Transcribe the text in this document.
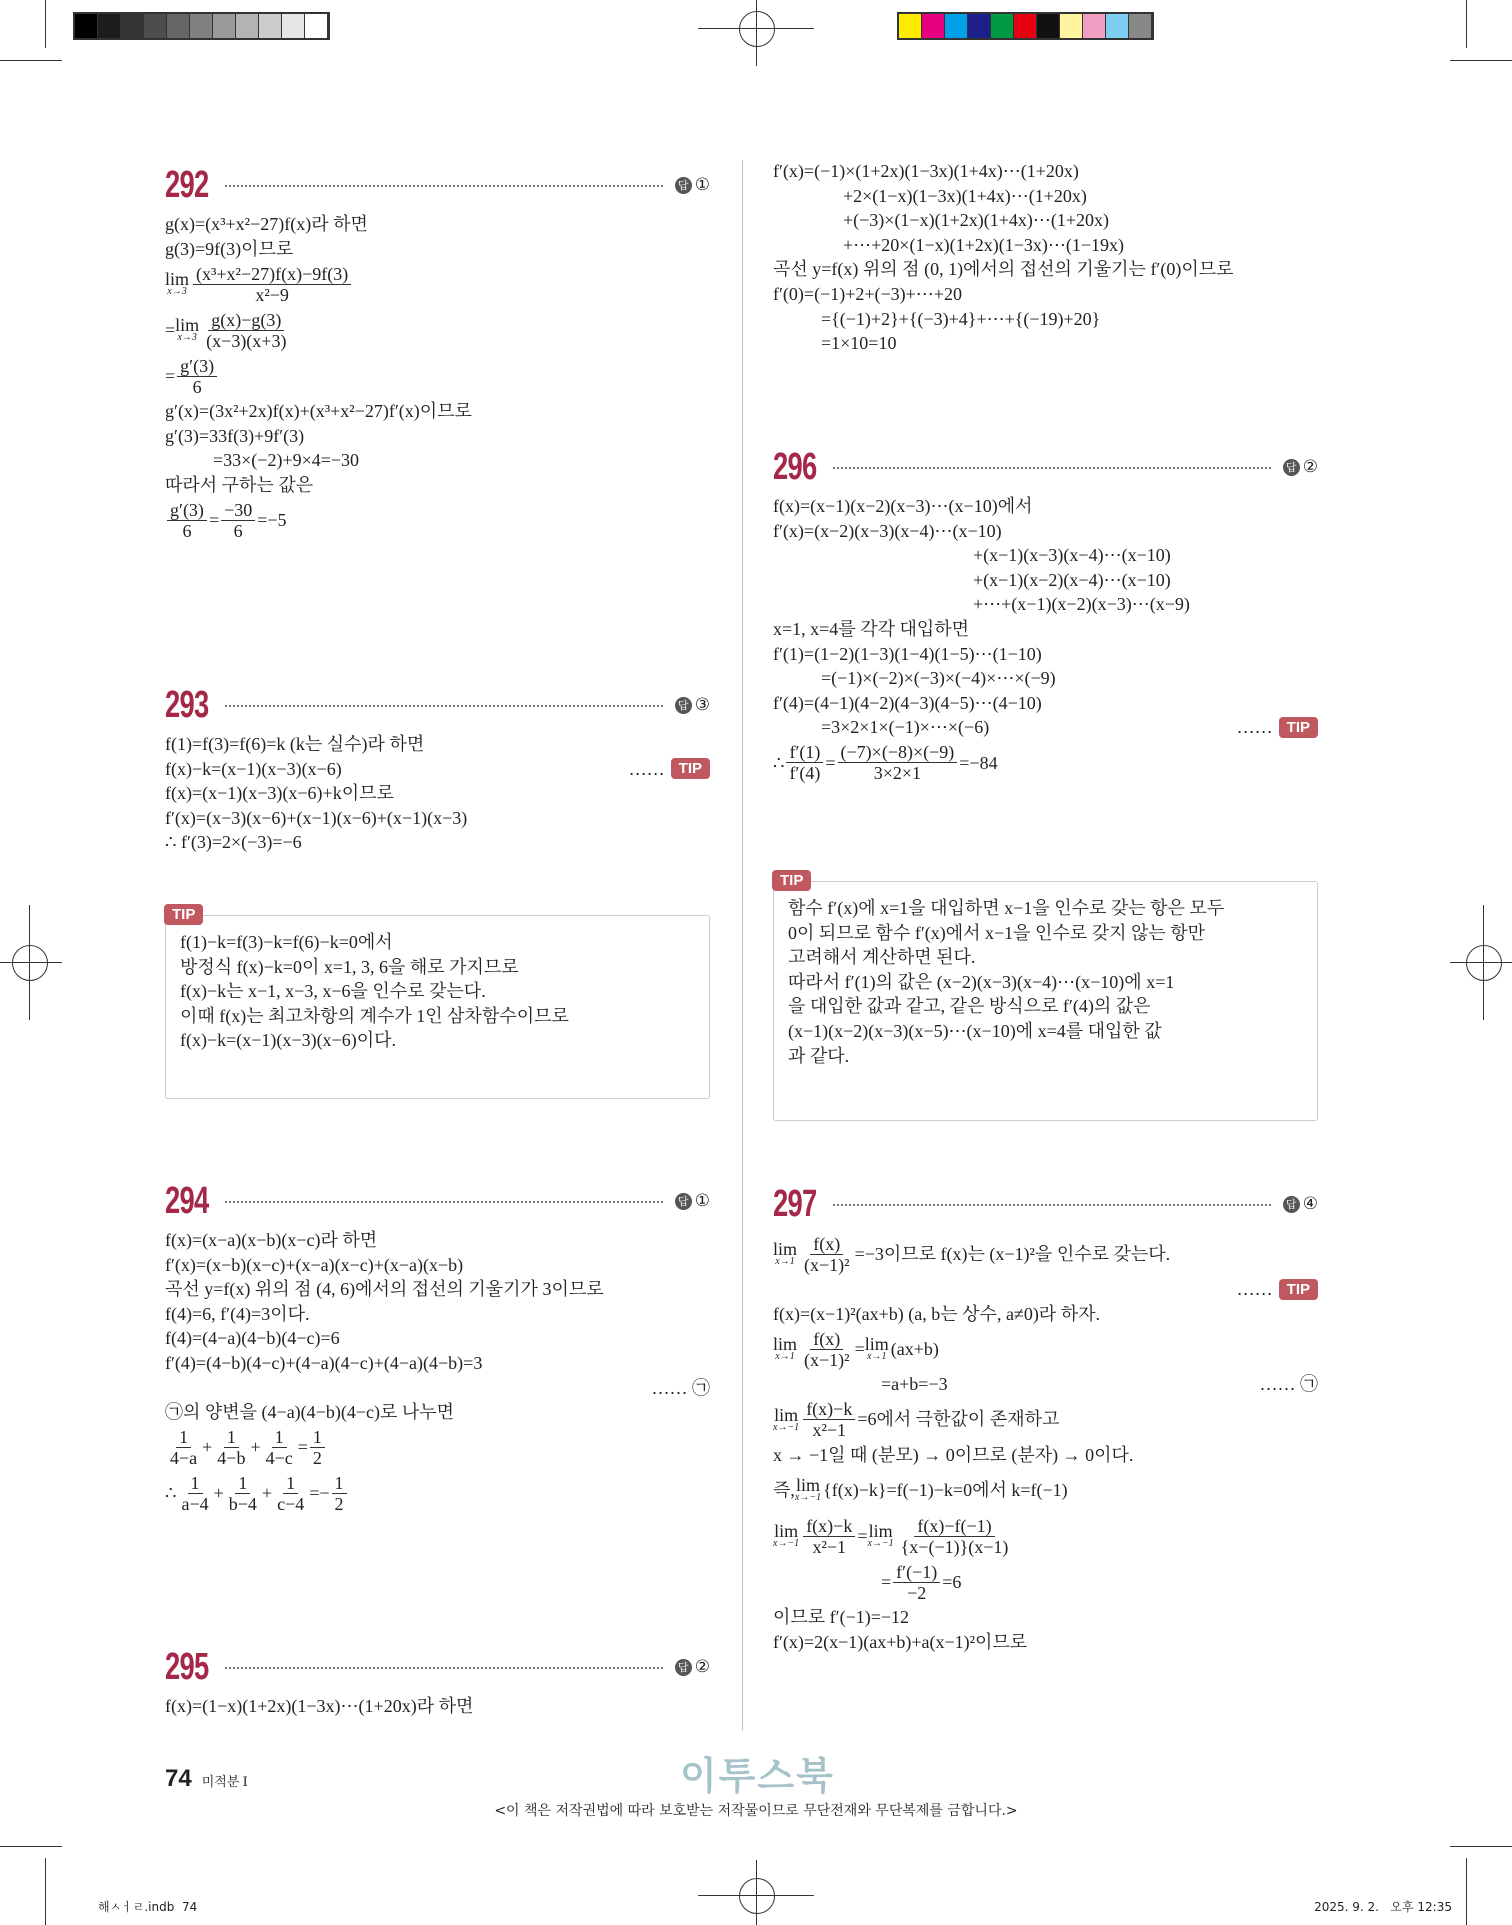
292	답 ①
g(x)=(x³+x²−27)f(x)라 하면
g(3)=9f(3)이므로
lim
$x\to 3 \frac{\text{(x³+x²−27)f(x)−9f(3)}}{\text{x²−9}}$
= lim
$x\to 3 \frac{g(x)-g(3)}{(x-3)(x+3)}$
= $\frac{g'(3)}{6}$
g′(x)=(3x²+2x)f(x)+(x³+x²−27)f′(x)이므로
g′(3)=33f(3)+9f′(3)
=33×(−2)+9×4=−30
따라서 구하는 값은
$\frac{g'(3)}{6} = \frac{-30}{6} =-5$
293	답 ③
f(1)=f(3)=f(6)=k (k는 실수)라 하면
f(x)−k=(x−1)(x−3)(x−6)	…… TIP
f(x)=(x−1)(x−3)(x−6)+k이므로
f′(x)=(x−3)(x−6)+(x−1)(x−6)+(x−1)(x−3)
∴ f′(3)=2×(−3)=−6
TIP
f(1)−k=f(3)−k=f(6)−k=0에서
방정식 f(x)−k=0이 x=1, 3, 6을 해로 가지므로
f(x)−k는 x−1, x−3, x−6을 인수로 갖는다.
이때 f(x)는 최고차항의 계수가 1인 삼차함수이므로
f(x)−k=(x−1)(x−3)(x−6)이다.
294	답 ①
f(x)=(x−a)(x−b)(x−c)라 하면
f′(x)=(x−b)(x−c)+(x−a)(x−c)+(x−a)(x−b)
곡선 y=f(x) 위의 점 (4, 6)에서의 접선의 기울기가 3이므로
f(4)=6, f′(4)=3이다.
f(4)=(4−a)(4−b)(4−c)=6
f′(4)=(4−b)(4−c)+(4−a)(4−c)+(4−a)(4−b)=3
…… ㉠
㉠의 양변을 (4−a)(4−b)(4−c)로 나누면
$\frac{1}{4-a} + \frac{1}{4-b} + \frac{1}{4-c} = \frac{1}{2}$
∴ $\frac{1}{a-4} + \frac{1}{b-4} + \frac{1}{c-4} =- \frac{1}{2}$
295	답 ②
f(x)=(1−x)(1+2x)(1−3x)⋯(1+20x)라 하면
f′(x)=(−1)×(1+2x)(1−3x)(1+4x)⋯(1+20x)
+2×(1−x)(1−3x)(1+4x)⋯(1+20x)
+(−3)×(1−x)(1+2x)(1+4x)⋯(1+20x)
+⋯+20×(1−x)(1+2x)(1−3x)⋯(1−19x)
곡선 y=f(x) 위의 점 (0, 1)에서의 접선의 기울기는 f′(0)이므로
f′(0)=(−1)+2+(−3)+⋯+20
={(−1)+2}+{(−3)+4}+⋯+{(−19)+20}
=1×10=10
296	답 ②
f(x)=(x−1)(x−2)(x−3)⋯(x−10)에서
f′(x)=(x−2)(x−3)(x−4)⋯(x−10)
+(x−1)(x−3)(x−4)⋯(x−10)
+(x−1)(x−2)(x−4)⋯(x−10)
+⋯+(x−1)(x−2)(x−3)⋯(x−9)
x=1, x=4를 각각 대입하면
f′(1)=(1−2)(1−3)(1−4)(1−5)⋯(1−10)
=(−1)×(−2)×(−3)×(−4)×⋯×(−9)
f′(4)=(4−1)(4−2)(4−3)(4−5)⋯(4−10)
=3×2×1×(−1)×⋯×(−6)	…… TIP
∴ $\frac{f'(1)}{f'(4)} = \frac{(-7)\times(-8)\times(-9)}{3\times 2\times 1} =-84$
TIP
함수 f′(x)에 x=1을 대입하면 x−1을 인수로 갖는 항은 모두
0이 되므로 함수 f′(x)에서 x−1을 인수로 갖지 않는 항만
고려해서 계산하면 된다.
따라서 f′(1)의 값은 (x−2)(x−3)(x−4)⋯(x−10)에 x=1
을 대입한 값과 같고, 같은 방식으로 f′(4)의 값은
(x−1)(x−2)(x−3)(x−5)⋯(x−10)에 x=4를 대입한 값
과 같다.
297	답 ④
lim
$x\to 1 \frac{f(x)}{\text{(x−1)²}} =-3$이므로 f(x)는 (x−1)²을 인수로 갖는다.
…… TIP
f(x)=(x−1)²(ax+b) (a, b는 상수, a≠0)라 하자.
lim
$x\to 1 \frac{f(x)}{\text{(x−1)²}} = \lim$
x→1 (ax+b)
=a+b=−3	…… ㉠
lim
$x\to-1 \frac{f(x)-k}{\text{x²−1}} =6$에서 극한값이 존재하고
x → −1일 때 (분모) → 0이므로 (분자) → 0이다.
즉, lim
x→−1 {f(x)−k}=f(−1)−k=0에서 k=f(−1)
lim
$x\to-1 \frac{f(x)-k}{\text{x²−1}} = \lim$
$x\to-1 \frac{f(x)-f(-1)}{\{x-(-1)\}(x-1)}$
= $\frac{f'(-1)}{-2} =6$
이므로 f′(−1)=−12
f′(x)=2(x−1)(ax+b)+a(x−1)²이므로
74 미적분 Ⅰ	이투스북
<이 책은 저작권법에 따라 보호받는 저작물이므로 무단전재와 무단복제를 금합니다.>
해ㅅㅓㄹ.indb  74	2025. 9. 2.   오후 12:35
